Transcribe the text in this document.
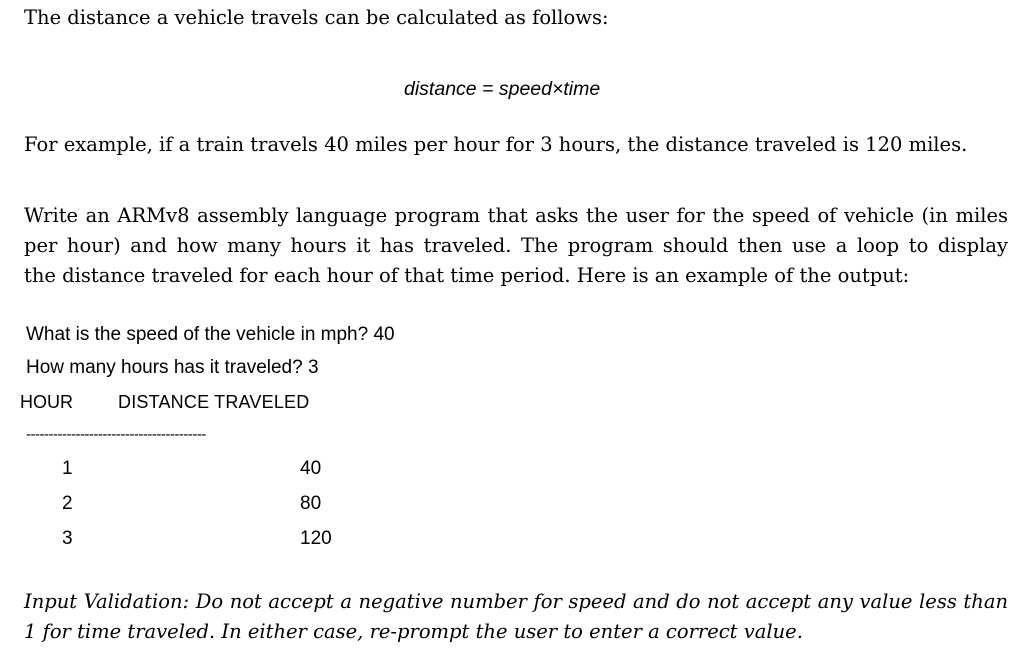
The distance a vehicle travels can be calculated as follows:
distance = speed×time
For example, if a train travels 40 miles per hour for 3 hours, the distance traveled is 120 miles.
Write an ARMv8 assembly language program that asks the user for the speed of vehicle (in miles
per hour) and how many hours it has traveled. The program should then use a loop to display
the distance traveled for each hour of that time period. Here is an example of the output:
What is the speed of the vehicle in mph? 40
How many hours has it traveled? 3
HOUR	DISTANCE TRAVELED
----------------------------------------
1	40
2	80
3	120
Input Validation: Do not accept a negative number for speed and do not accept any value less than
1 for time traveled. In either case, re-prompt the user to enter a correct value.
